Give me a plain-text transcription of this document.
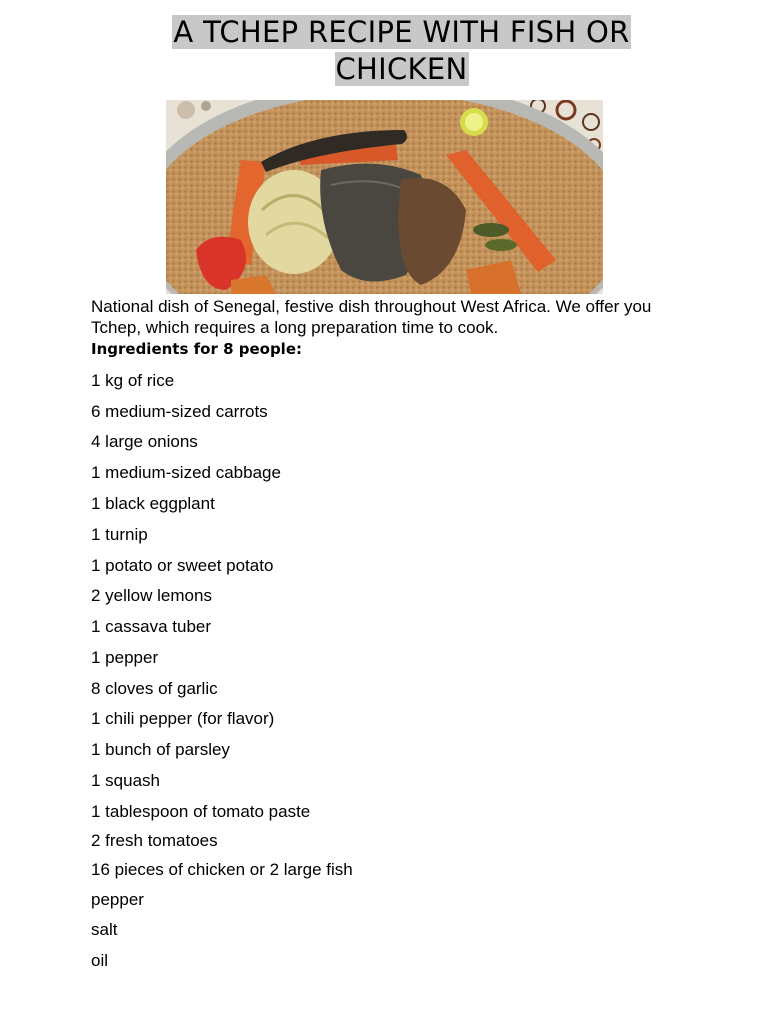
A TCHEP RECIPE WITH FISH OR CHICKEN
National dish of Senegal, festive dish throughout West Africa. We offer you Tchep, which requires a long preparation time to cook.
Ingredients for 8 people:
1 kg of rice
6 medium-sized carrots
4 large onions
1 medium-sized cabbage
1 black eggplant
1 turnip
1 potato or sweet potato
2 yellow lemons
1 cassava tuber
1 pepper
8 cloves of garlic
1 chili pepper (for flavor)
1 bunch of parsley
1 squash
1 tablespoon of tomato paste
2 fresh tomatoes
16 pieces of chicken or 2 large fish
pepper
salt
oil
